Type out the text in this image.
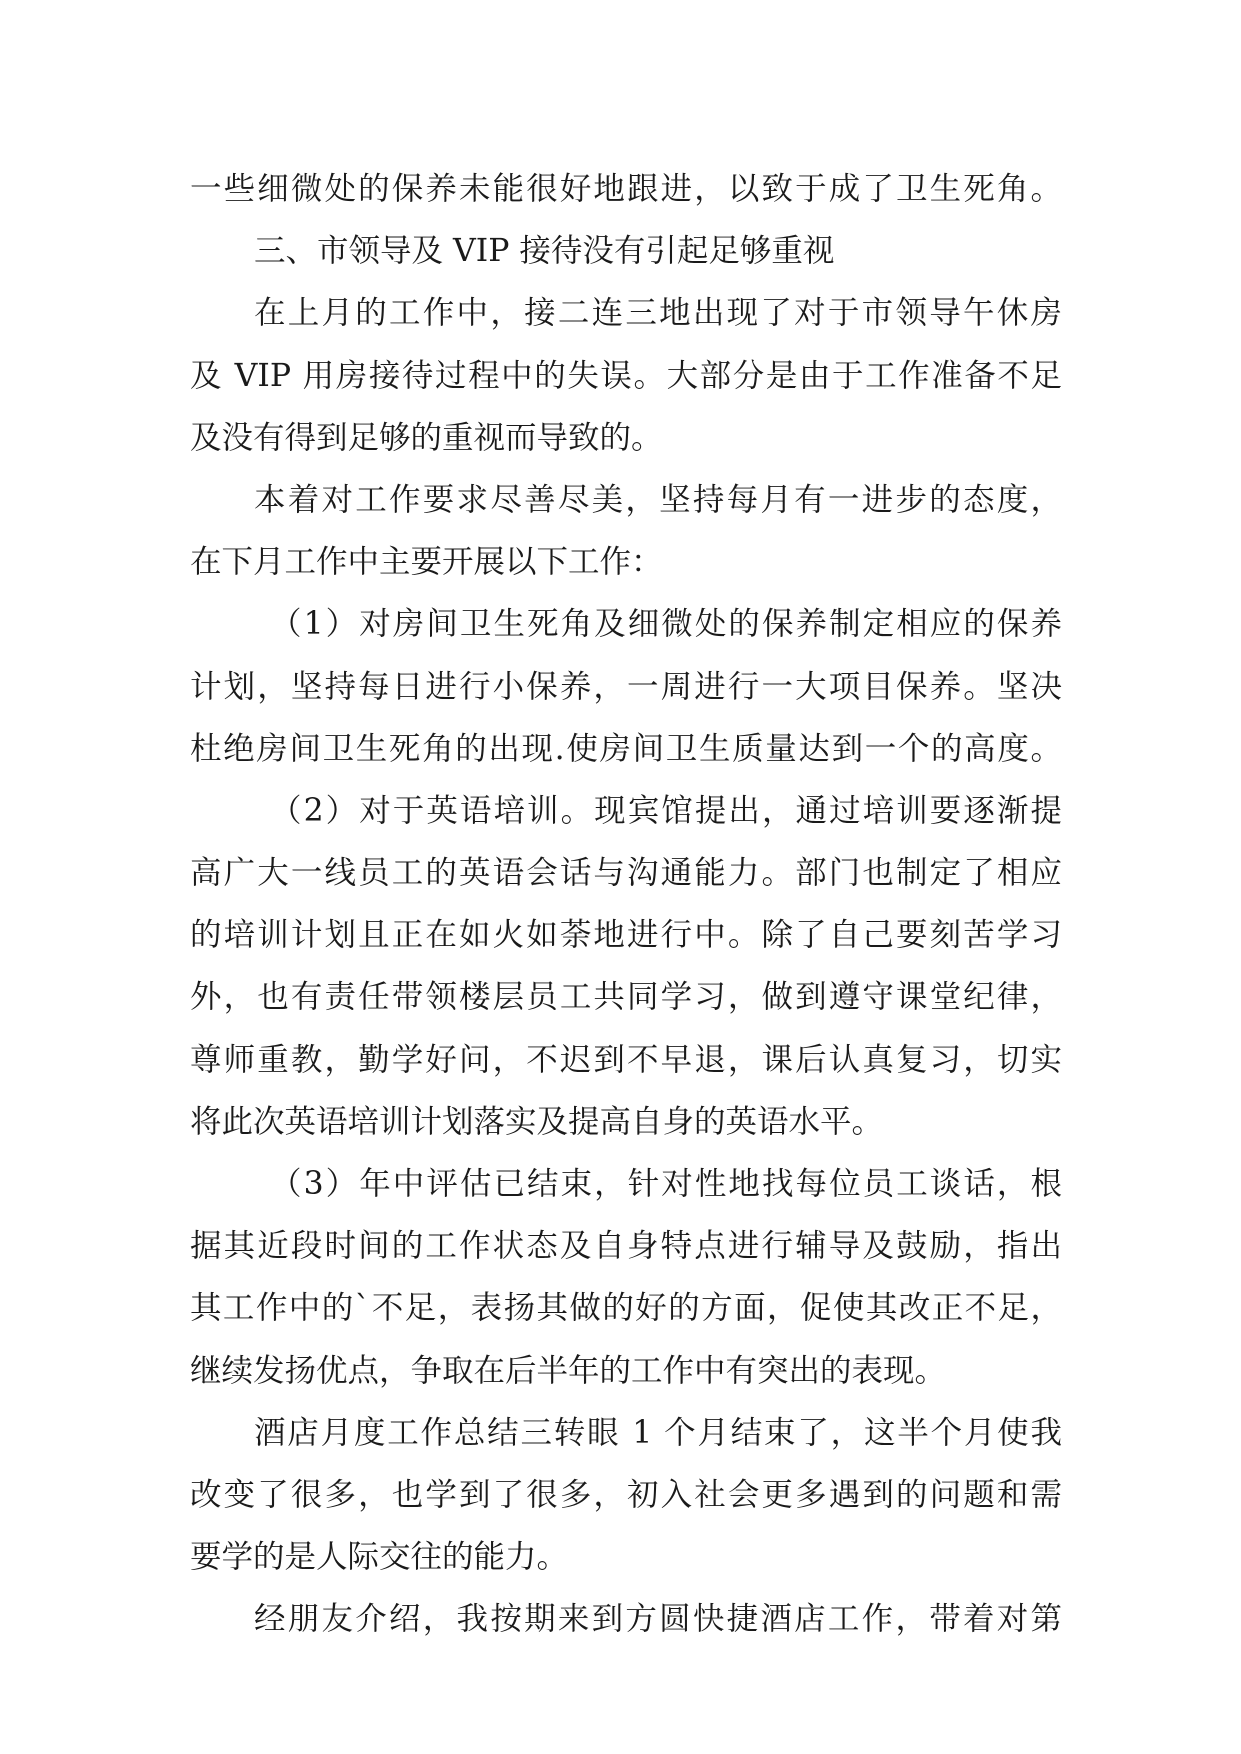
一些细微处的保养未能很好地跟进，以致于成了卫生死角。
三、市领导及 VIP 接待没有引起足够重视
在上月的工作中，接二连三地出现了对于市领导午休房
及 VIP 用房接待过程中的失误。大部分是由于工作准备不足
及没有得到足够的重视而导致的。
本着对工作要求尽善尽美，坚持每月有一进步的态度，
在下月工作中主要开展以下工作：
（1）对房间卫生死角及细微处的保养制定相应的保养
计划，坚持每日进行小保养，一周进行一大项目保养。坚决
杜绝房间卫生死角的出现.使房间卫生质量达到一个的高度。
（2）对于英语培训。现宾馆提出，通过培训要逐渐提
高广大一线员工的英语会话与沟通能力。部门也制定了相应
的培训计划且正在如火如荼地进行中。除了自己要刻苦学习
外，也有责任带领楼层员工共同学习，做到遵守课堂纪律，
尊师重教，勤学好问，不迟到不早退，课后认真复习，切实
将此次英语培训计划落实及提高自身的英语水平。
（3）年中评估已结束，针对性地找每位员工谈话，根
据其近段时间的工作状态及自身特点进行辅导及鼓励，指出
其工作中的`不足，表扬其做的好的方面，促使其改正不足，
继续发扬优点，争取在后半年的工作中有突出的表现。
酒店月度工作总结三转眼 1 个月结束了，这半个月使我
改变了很多，也学到了很多，初入社会更多遇到的问题和需
要学的是人际交往的能力。
经朋友介绍，我按期来到方圆快捷酒店工作，带着对第
